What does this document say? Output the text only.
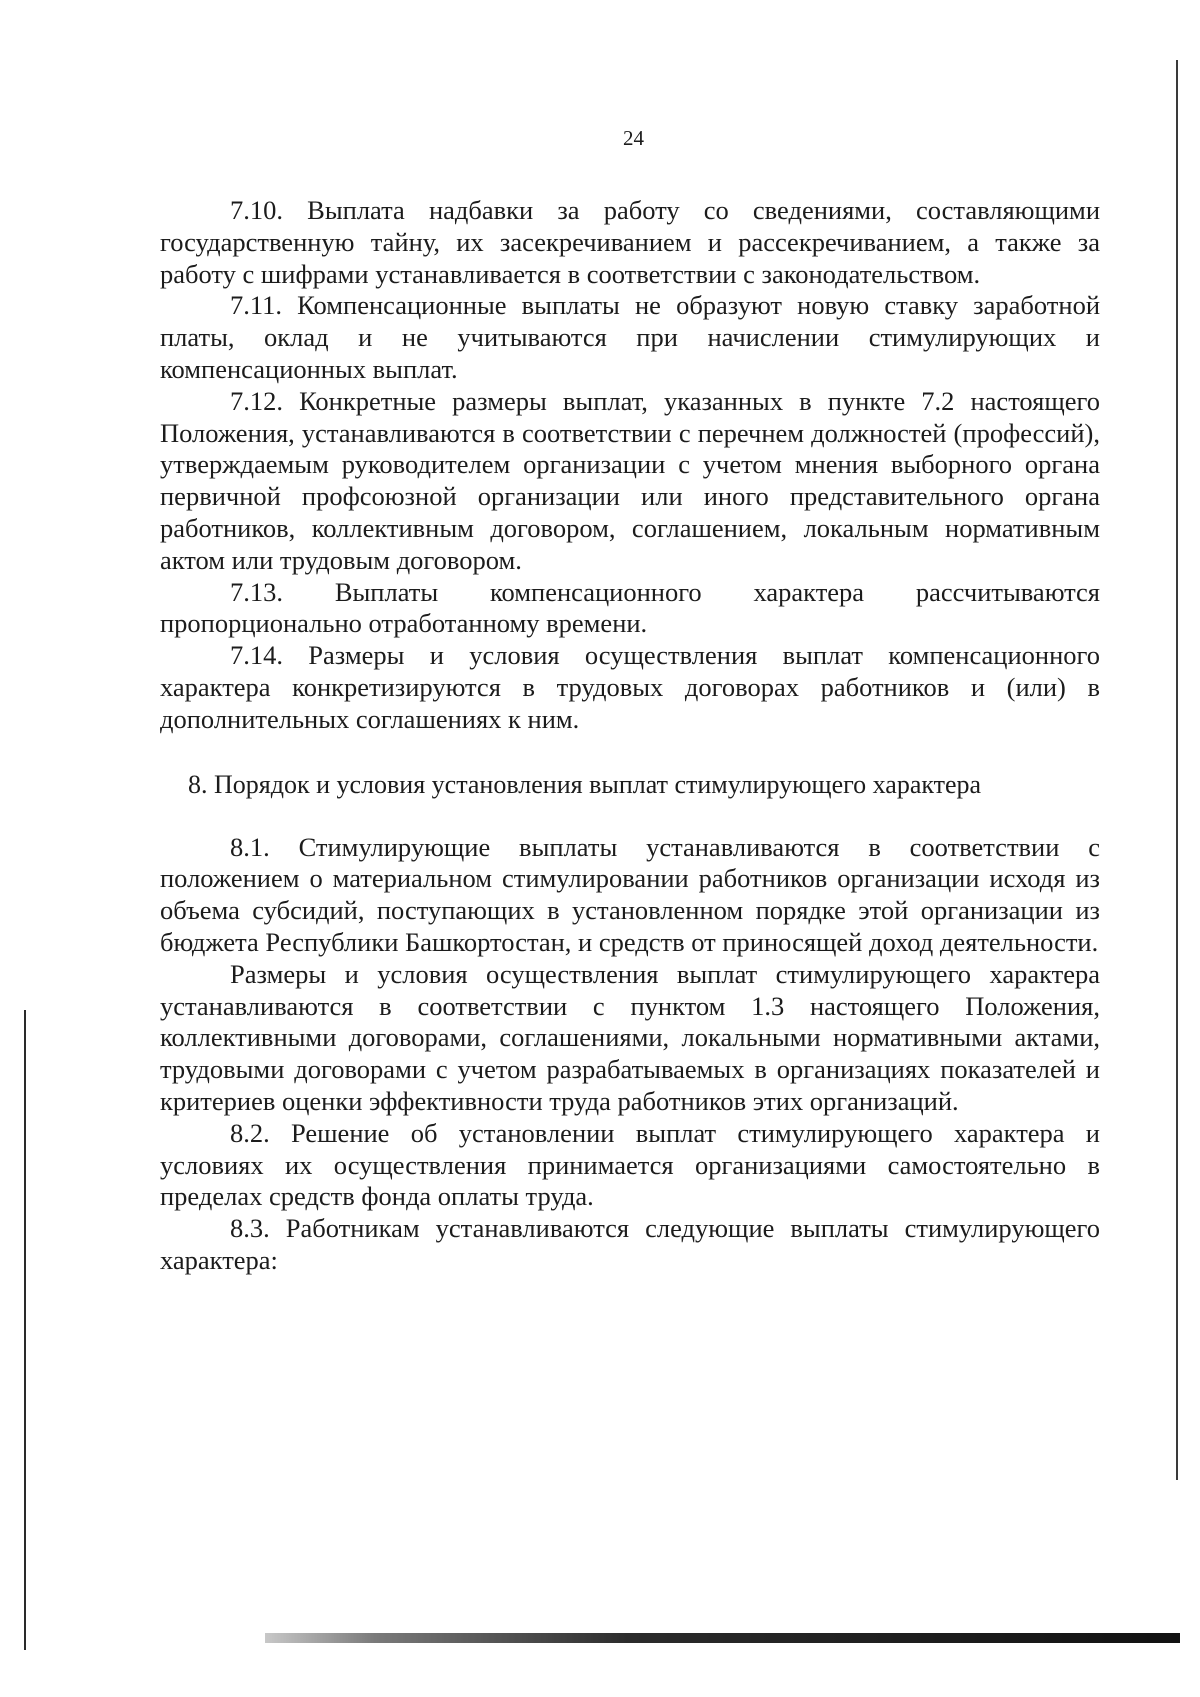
24

7.10. Выплата надбавки за работу со сведениями, составляющими государственную тайну, их засекречиванием и рассекречиванием, а также за работу с шифрами устанавливается в соответствии с законодательством.

7.11. Компенсационные выплаты не образуют новую ставку заработной платы, оклад и не учитываются при начислении стимулирующих и компенсационных выплат.

7.12. Конкретные размеры выплат, указанных в пункте 7.2 настоящего Положения, устанавливаются в соответствии с перечнем должностей (профессий), утверждаемым руководителем организации с учетом мнения выборного органа первичной профсоюзной организации или иного представительного органа работников, коллективным договором, соглашением, локальным нормативным актом или трудовым договором.

7.13. Выплаты компенсационного характера рассчитываются пропорционально отработанному времени.

7.14. Размеры и условия осуществления выплат компенсационного характера конкретизируются в трудовых договорах работников и (или) в дополнительных соглашениях к ним.

8. Порядок и условия установления выплат стимулирующего характера

8.1. Стимулирующие выплаты устанавливаются в соответствии с положением о материальном стимулировании работников организации исходя из объема субсидий, поступающих в установленном порядке этой организации из бюджета Республики Башкортостан, и средств от приносящей доход деятельности.

Размеры и условия осуществления выплат стимулирующего характера устанавливаются в соответствии с пунктом 1.3 настоящего Положения, коллективными договорами, соглашениями, локальными нормативными актами, трудовыми договорами с учетом разрабатываемых в организациях показателей и критериев оценки эффективности труда работников этих организаций.

8.2. Решение об установлении выплат стимулирующего характера и условиях их осуществления принимается организациями самостоятельно в пределах средств фонда оплаты труда.

8.3. Работникам устанавливаются следующие выплаты стимулирующего характера:
